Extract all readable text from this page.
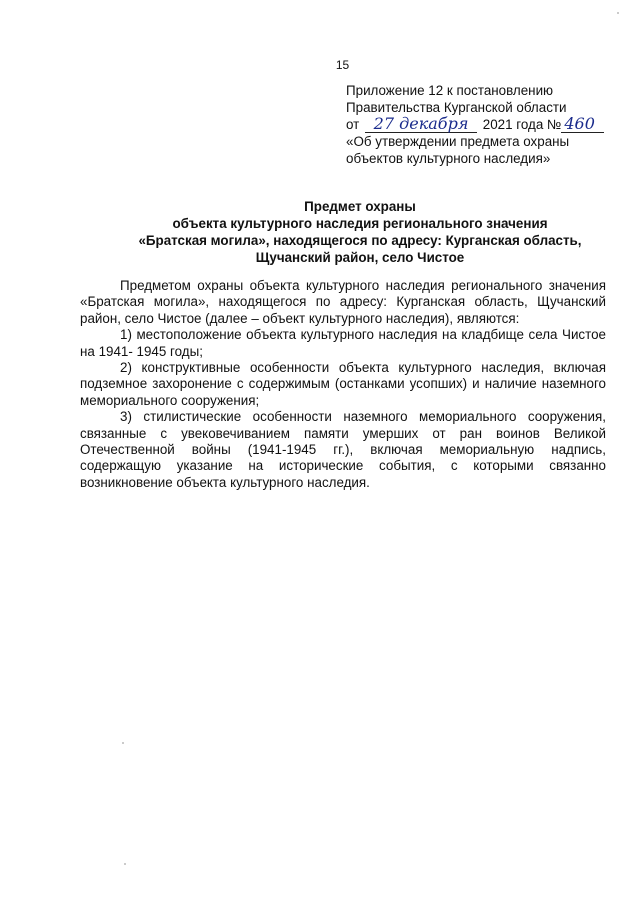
15
Приложение 12 к постановлению
Правительства Курганской области
от 27 декабря 2021 года № 460
«Об утверждении предмета охраны
объектов культурного наследия»
Предмет охраны
объекта культурного наследия регионального значения
«Братская могила», находящегося по адресу: Курганская область,
Щучанский район, село Чистое

Предметом охраны объекта культурного наследия регионального значения «Братская могила», находящегося по адресу: Курганская область, Щучанский район, село Чистое (далее – объект культурного наследия), являются:

1) местоположение объекта культурного наследия на кладбище села Чистое на 1941- 1945 годы;

2) конструктивные особенности объекта культурного наследия, включая подземное захоронение с содержимым (останками усопших) и наличие наземного мемориального сооружения;

3) стилистические особенности наземного мемориального сооружения, связанные с увековечиванием памяти умерших от ран воинов Великой Отечественной войны (1941-1945 гг.), включая мемориальную надпись, содержащую указание на исторические события, с которыми связанно возникновение объекта культурного наследия.
